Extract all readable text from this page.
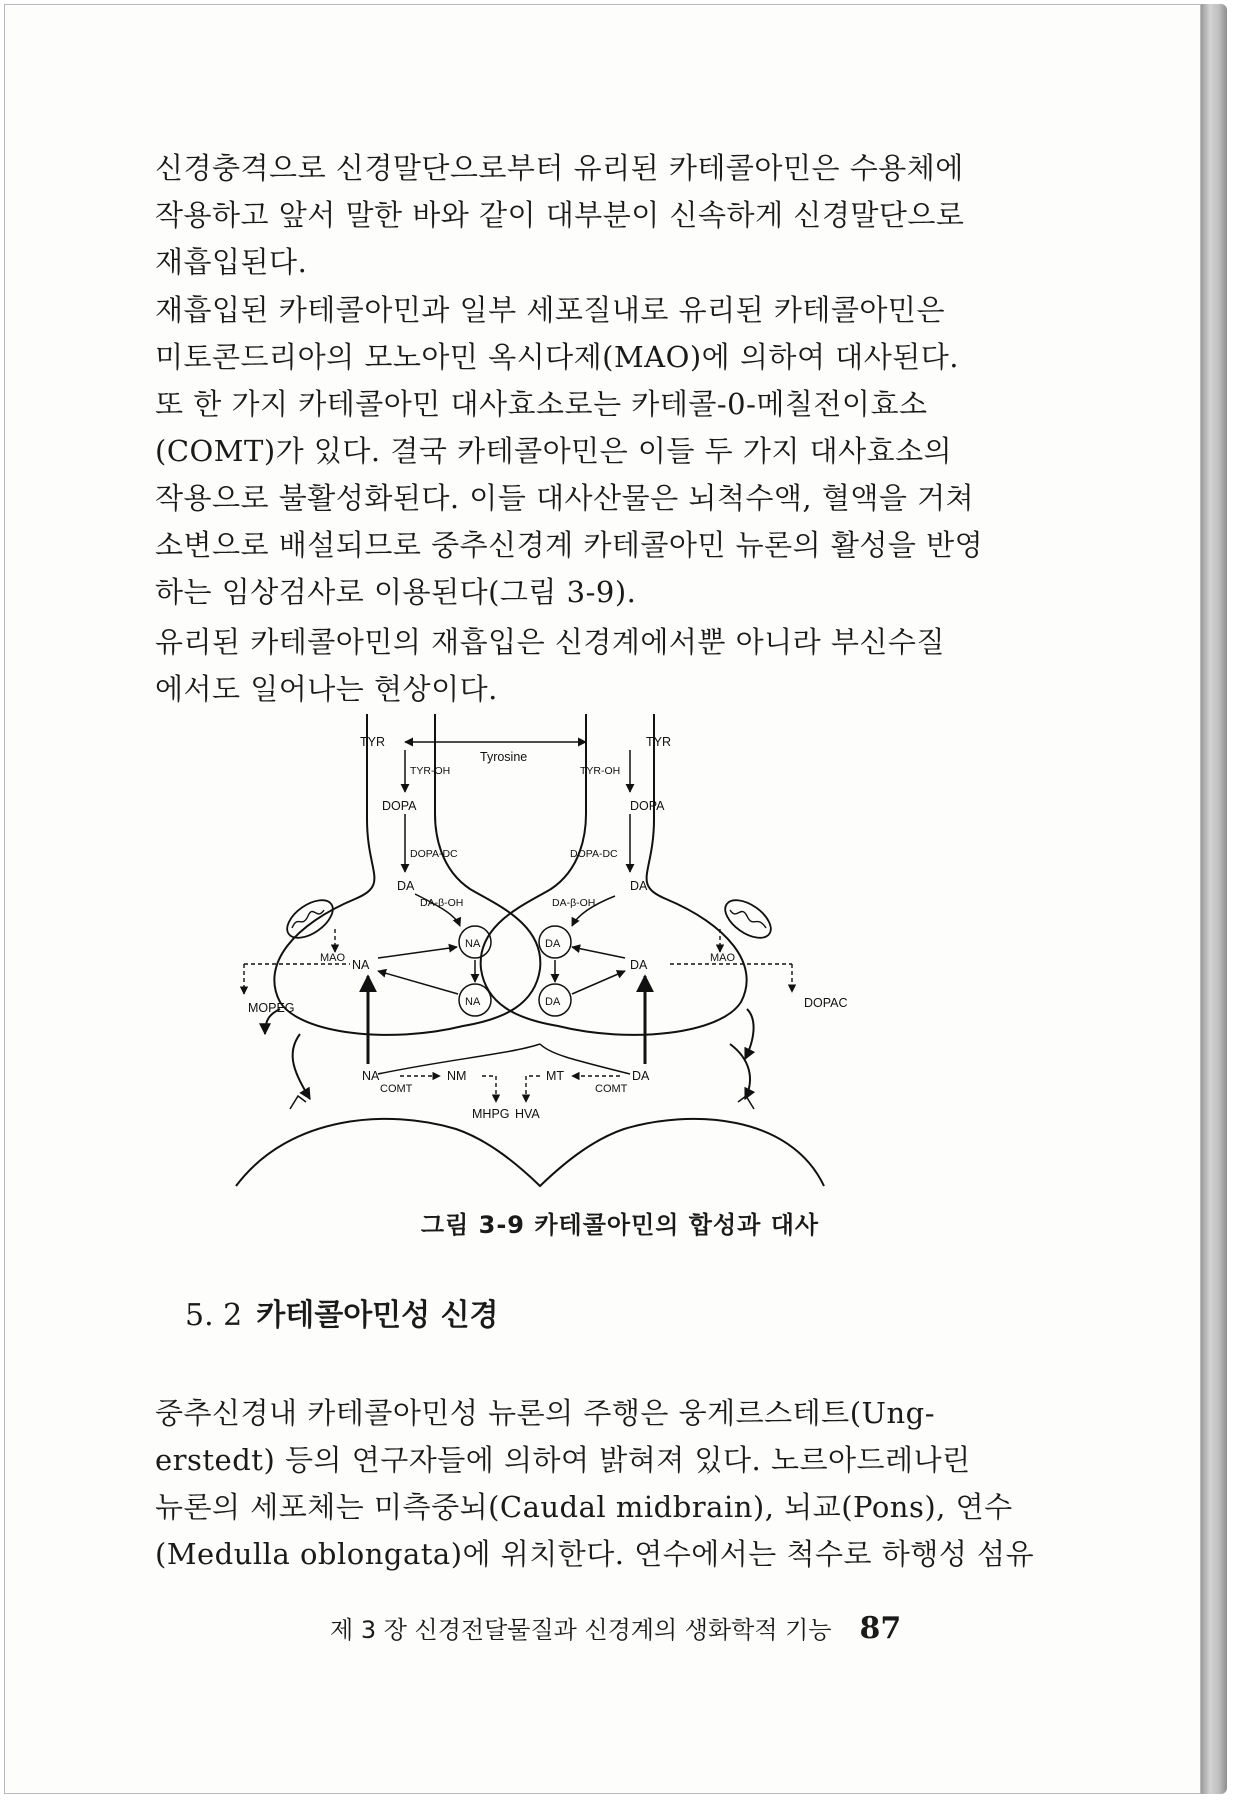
신경충격으로 신경말단으로부터 유리된 카테콜아민은 수용체에
작용하고 앞서 말한 바와 같이 대부분이 신속하게 신경말단으로
재흡입된다.

재흡입된 카테콜아민과 일부 세포질내로 유리된 카테콜아민은
미토콘드리아의 모노아민 옥시다제(MAO)에 의하여 대사된다.
또 한 가지 카테콜아민 대사효소로는 카테콜-0-메칠전이효소
(COMT)가 있다. 결국 카테콜아민은 이들 두 가지 대사효소의
작용으로 불활성화된다. 이들 대사산물은 뇌척수액, 혈액을 거쳐
소변으로 배설되므로 중추신경계 카테콜아민 뉴론의 활성을 반영
하는 임상검사로 이용된다(그림 3-9).

유리된 카테콜아민의 재흡입은 신경계에서뿐 아니라 부신수질
에서도 일어나는 현상이다.

TYR	TYR
Tyrosine
TYR-OH	TYR-OH
DOPA	DOPA
DOPA-DC	DOPA-DC
DA	DA
DA-β-OH	DA-β-OH
NA
NA
DA
DA
NA	DA
MAO	MAO
MOPEG	DOPAC
NA
COMT
NM
MHPG HVA
MT
COMT
DA
그림 3-9 카테콜아민의 합성과 대사
5. 2 카테콜아민성 신경

중추신경내 카테콜아민성 뉴론의 주행은 웅게르스테트(Ung-
erstedt) 등의 연구자들에 의하여 밝혀져 있다. 노르아드레나린
뉴론의 세포체는 미측중뇌(Caudal midbrain), 뇌교(Pons), 연수
(Medulla oblongata)에 위치한다. 연수에서는 척수로 하행성 섬유

제 3 장 신경전달물질과 신경계의 생화학적 기능 87
